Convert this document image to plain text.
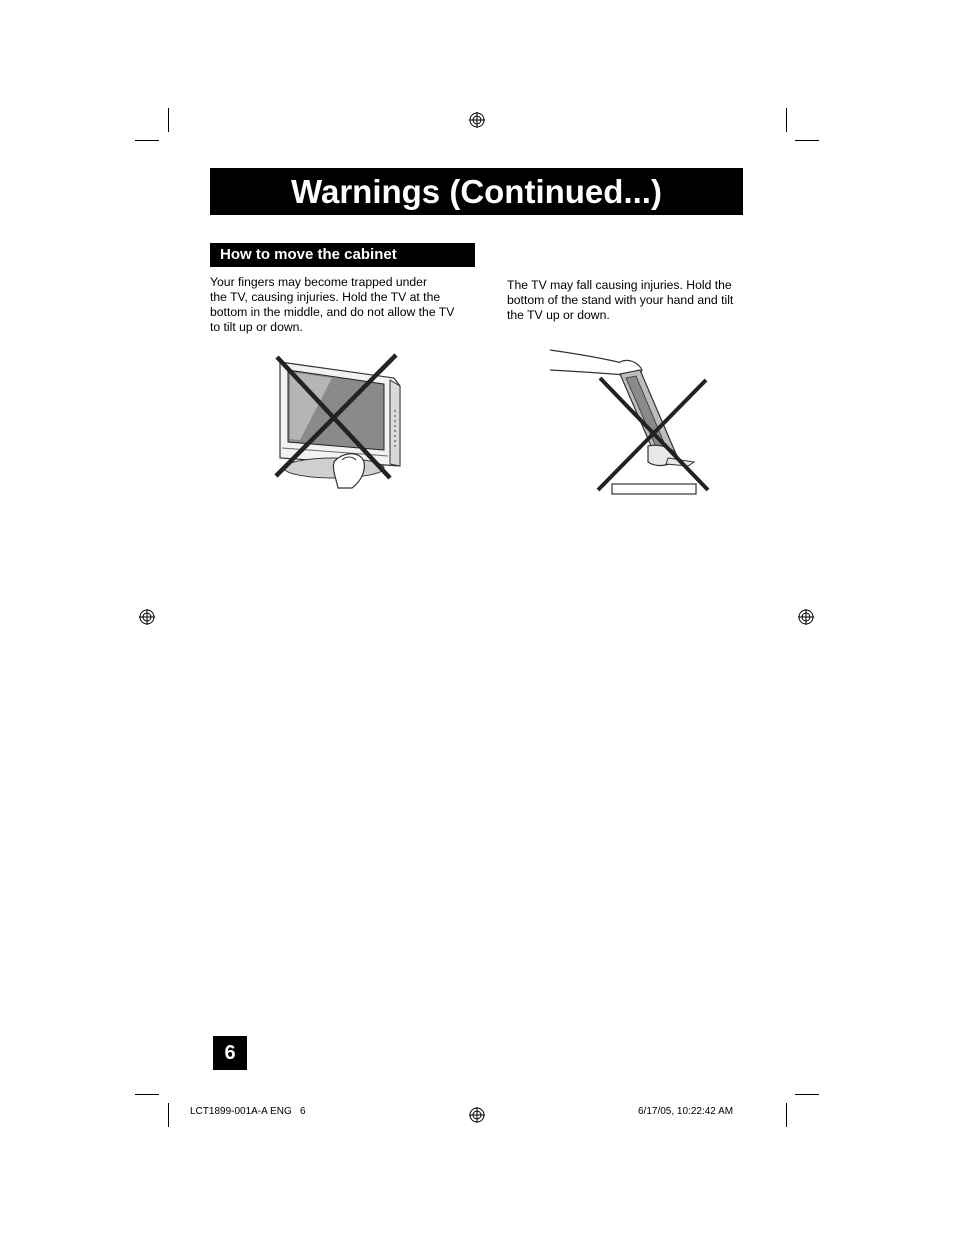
Warnings (Continued...)
How to move the cabinet
Your fingers may become trapped under
the TV, causing injuries. Hold the TV at the
bottom in the middle, and do not allow the TV
to tilt up or down.
The TV may fall causing injuries. Hold the
bottom of the stand with your hand and tilt
the TV up or down.
6
LCT1899-001A-A ENG   6	6/17/05, 10:22:42 AM
